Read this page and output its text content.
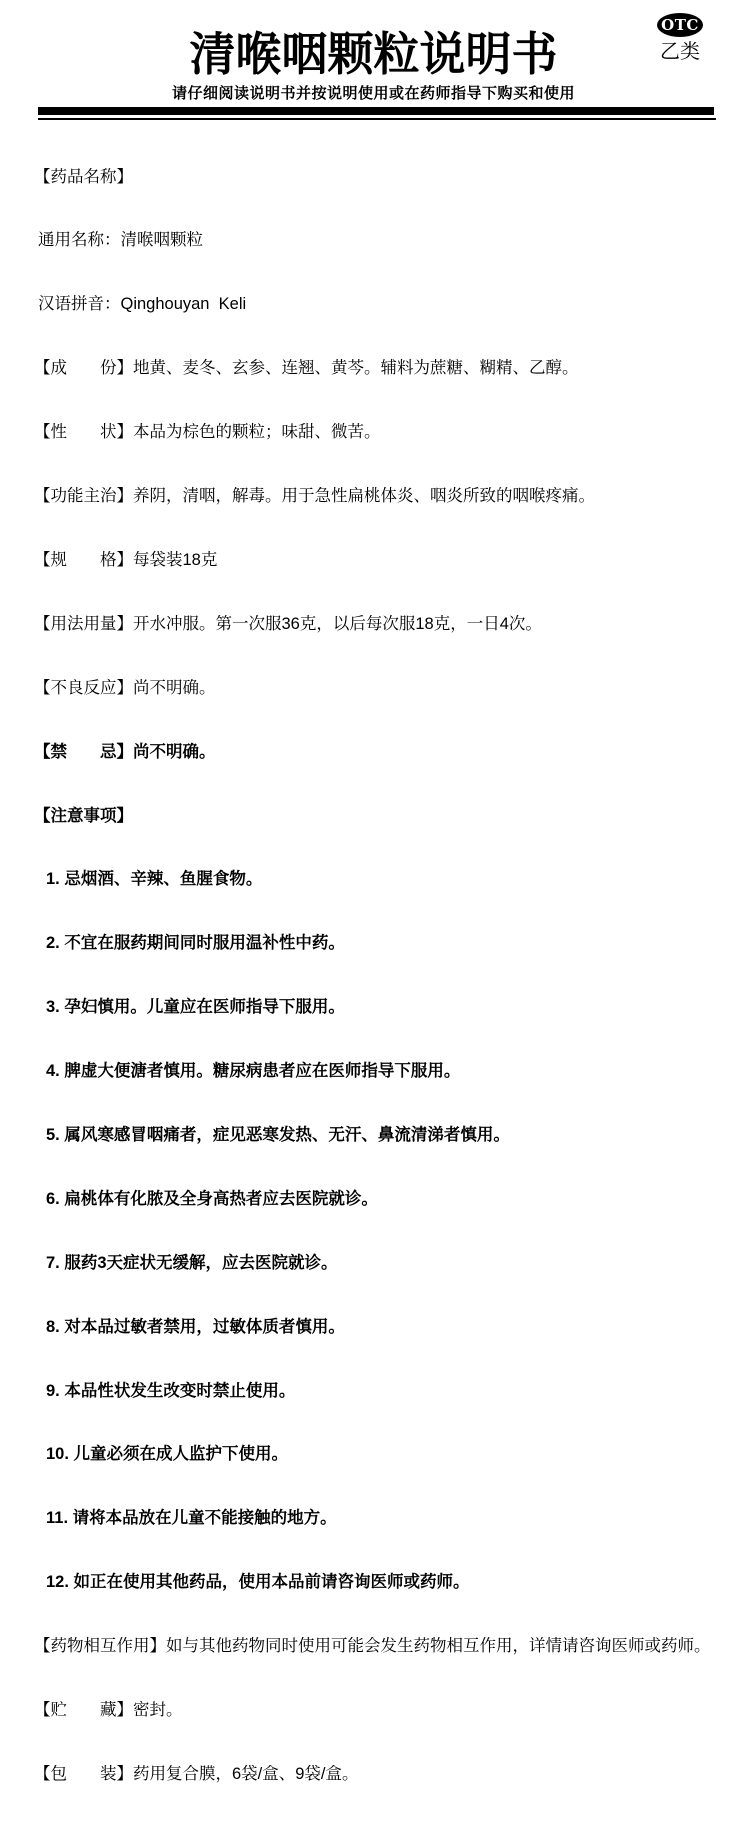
清喉咽颗粒说明书
OTC
乙类
请仔细阅读说明书并按说明使用或在药师指导下购买和使用

【药品名称】

通用名称：清喉咽颗粒

汉语拼音：Qinghouyan  Keli

【成　　份】地黄、麦冬、玄参、连翘、黄芩。辅料为蔗糖、糊精、乙醇。

【性　　状】本品为棕色的颗粒；味甜、微苦。

【功能主治】养阴，清咽，解毒。用于急性扁桃体炎、咽炎所致的咽喉疼痛。

【规　　格】每袋装18克

【用法用量】开水冲服。第一次服36克，以后每次服18克，一日4次。

【不良反应】尚不明确。

【禁　　忌】尚不明确。

【注意事项】

1. 忌烟酒、辛辣、鱼腥食物。

2. 不宜在服药期间同时服用温补性中药。

3. 孕妇慎用。儿童应在医师指导下服用。

4. 脾虚大便溏者慎用。糖尿病患者应在医师指导下服用。

5. 属风寒感冒咽痛者，症见恶寒发热、无汗、鼻流清涕者慎用。

6. 扁桃体有化脓及全身高热者应去医院就诊。

7. 服药3天症状无缓解，应去医院就诊。

8. 对本品过敏者禁用，过敏体质者慎用。

9. 本品性状发生改变时禁止使用。

10. 儿童必须在成人监护下使用。

11. 请将本品放在儿童不能接触的地方。

12. 如正在使用其他药品，使用本品前请咨询医师或药师。

【药物相互作用】如与其他药物同时使用可能会发生药物相互作用，详情请咨询医师或药师。

【贮　　藏】密封。

【包　　装】药用复合膜，6袋/盒、9袋/盒。
